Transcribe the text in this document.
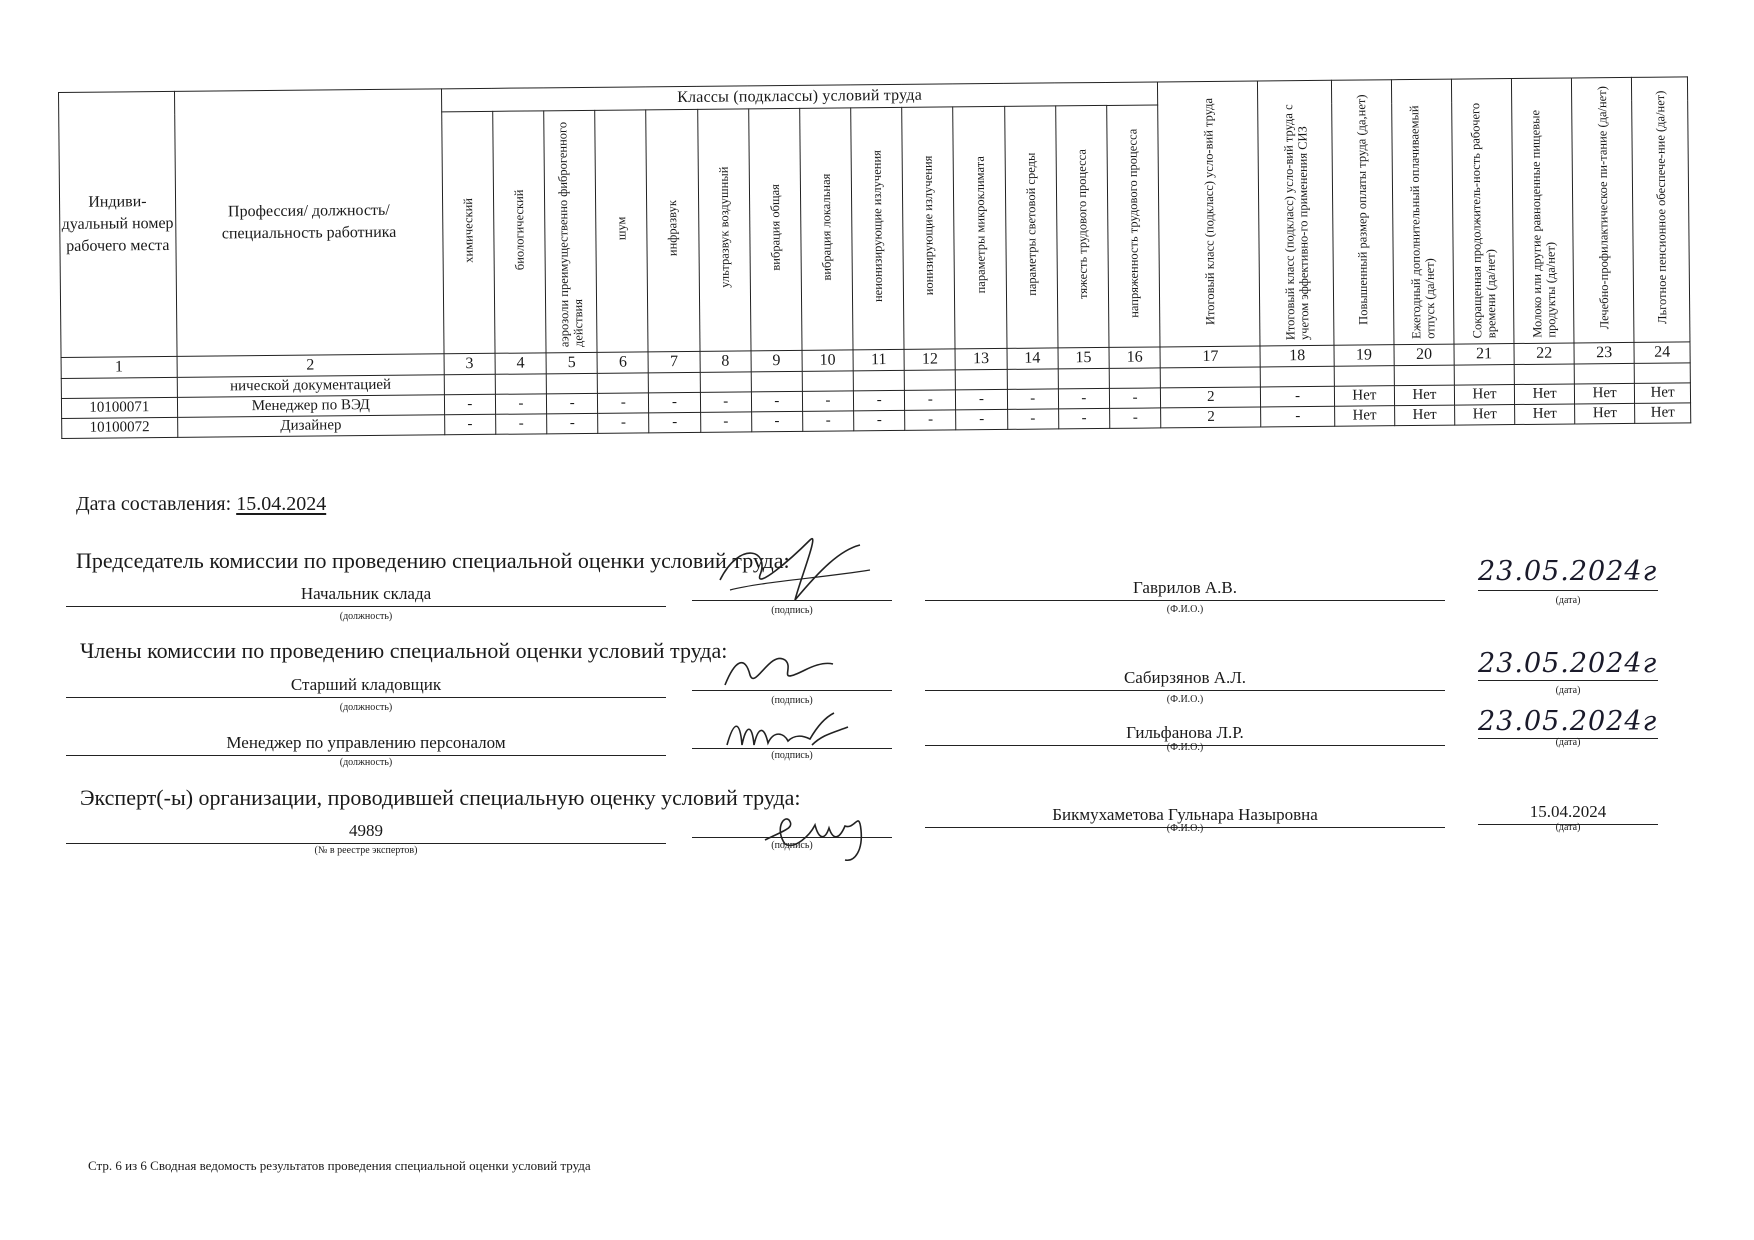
Индиви-дуальный номер рабочего места	Профессия/ должность/ специальность работника	Классы (подклассы) условий труда														Итоговый класс (подкласс) усло-вий труда	Итоговый класс (подкласс) усло-вий труда с учетом эффективно-го применения СИЗ	Повышенный размер оплаты труда (да,нет)	Ежегодный дополнительный оплачиваемый отпуск (да/нет)	Сокращенная продолжитель-ность рабочего времени (да/нет)	Молоко или другие равноценные пищевые продукты (да/нет)	Лечебно-профилактическое пи-тание (да/нет)	Льготное пенсионное обеспече-ние (да/нет)
		химический	биологический	аэрозоли преимущественно фиброгенного действия	шум	инфразвук	ультразвук воздушный	вибрация общая	вибрация локальная	неионизирующие излучения	ионизирующие излучения	параметры микроклимата	параметры световой среды	тяжесть трудового процесса	напряженность трудового процесса								
1	2	3	4	5	6	7	8	9	10	11	12	13	14	15	16	17	18	19	20	21	22	23	24
	нической документацией																						
10100071	Менеджер по ВЭД	-	-	-	-	-	-	-	-	-	-	-	-	-	-	2	-	Нет	Нет	Нет	Нет	Нет	Нет
10100072	Дизайнер	-	-	-	-	-	-	-	-	-	-	-	-	-	-	2	-	Нет	Нет	Нет	Нет	Нет	Нет
Дата составления: 15.04.2024
Председатель комиссии по проведению специальной оценки условий труда:
Начальник склада
(должность)
(подпись)
Гаврилов А.В.
(Ф.И.О.)
23.05.2024г
(дата)
Члены комиссии по проведению специальной оценки условий труда:
Старший кладовщик
(должность)
(подпись)
Сабирзянов А.Л.
(Ф.И.О.)
23.05.2024г
(дата)
Менеджер по управлению персоналом
(должность)
(подпись)
Гильфанова Л.Р.
(Ф.И.О.)
23.05.2024г
(дата)
Эксперт(-ы) организации, проводившей специальную оценку условий труда:
4989
(№ в реестре экспертов)	(подпись)
Бикмухаметова Гульнара Назыровна
(Ф.И.О.)
15.04.2024
(дата)
Стр. 6 из 6 Сводная ведомость результатов проведения специальной оценки условий труда
